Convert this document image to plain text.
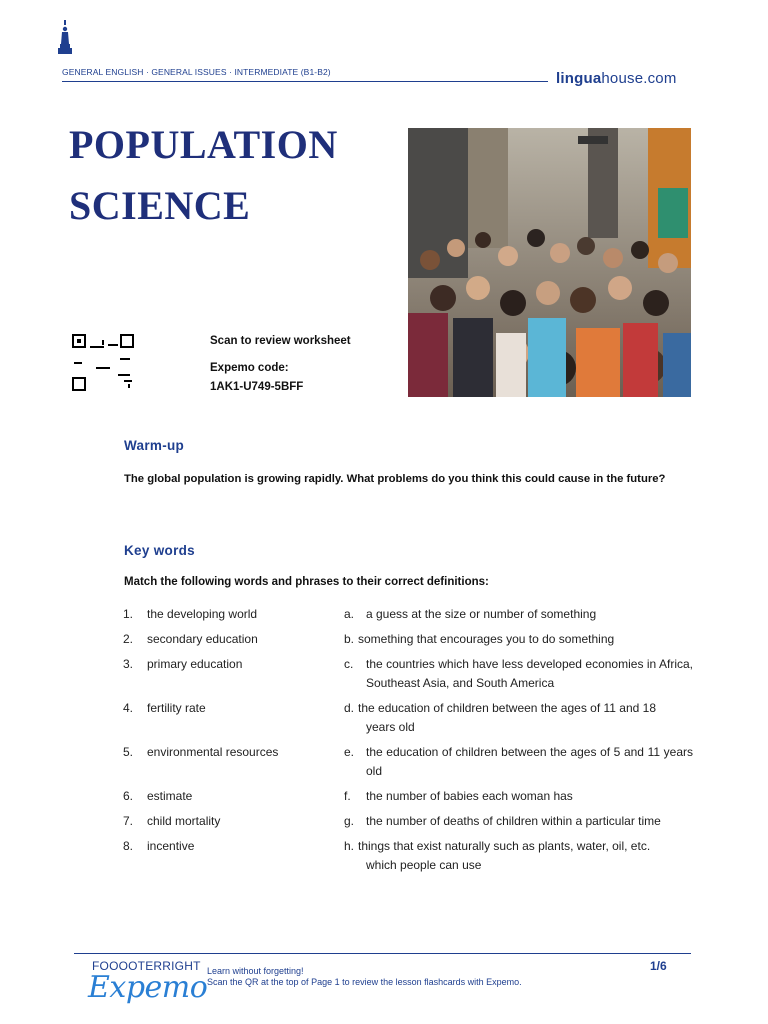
GENERAL ENGLISH · GENERAL ISSUES · INTERMEDIATE (B1-B2)	linguahouse.com
POPULATION
SCIENCE
Scan to review worksheet
Expemo code:
1AK1-U749-5BFF
Warm-up
The global population is growing rapidly. What problems do you think this could cause in the future?
Key words
Match the following words and phrases to their correct definitions:
1.	the developing world	a. a guess at the size or number of something
2.	secondary education	b. something that encourages you to do something
3.	primary education	c.	the countries which have less developed economies in Africa, Southeast Asia, and South America
4.	fertility rate	d. the education of children between the ages of 11 and 18
years old
5.	environmental resources	e. the education of children between the ages of 5 and 11 years old
6.	estimate	f.	the number of babies each woman has
7.	child mortality	g. the number of deaths of children within a particular time
8.	incentive	h. things that exist naturally such as plants, water, oil, etc.
which people can use
FOOOOTERRIGHT
Expemo Learn without forgetting!
Scan the QR at the top of Page 1 to review the lesson flashcards with Expemo.
1/6
